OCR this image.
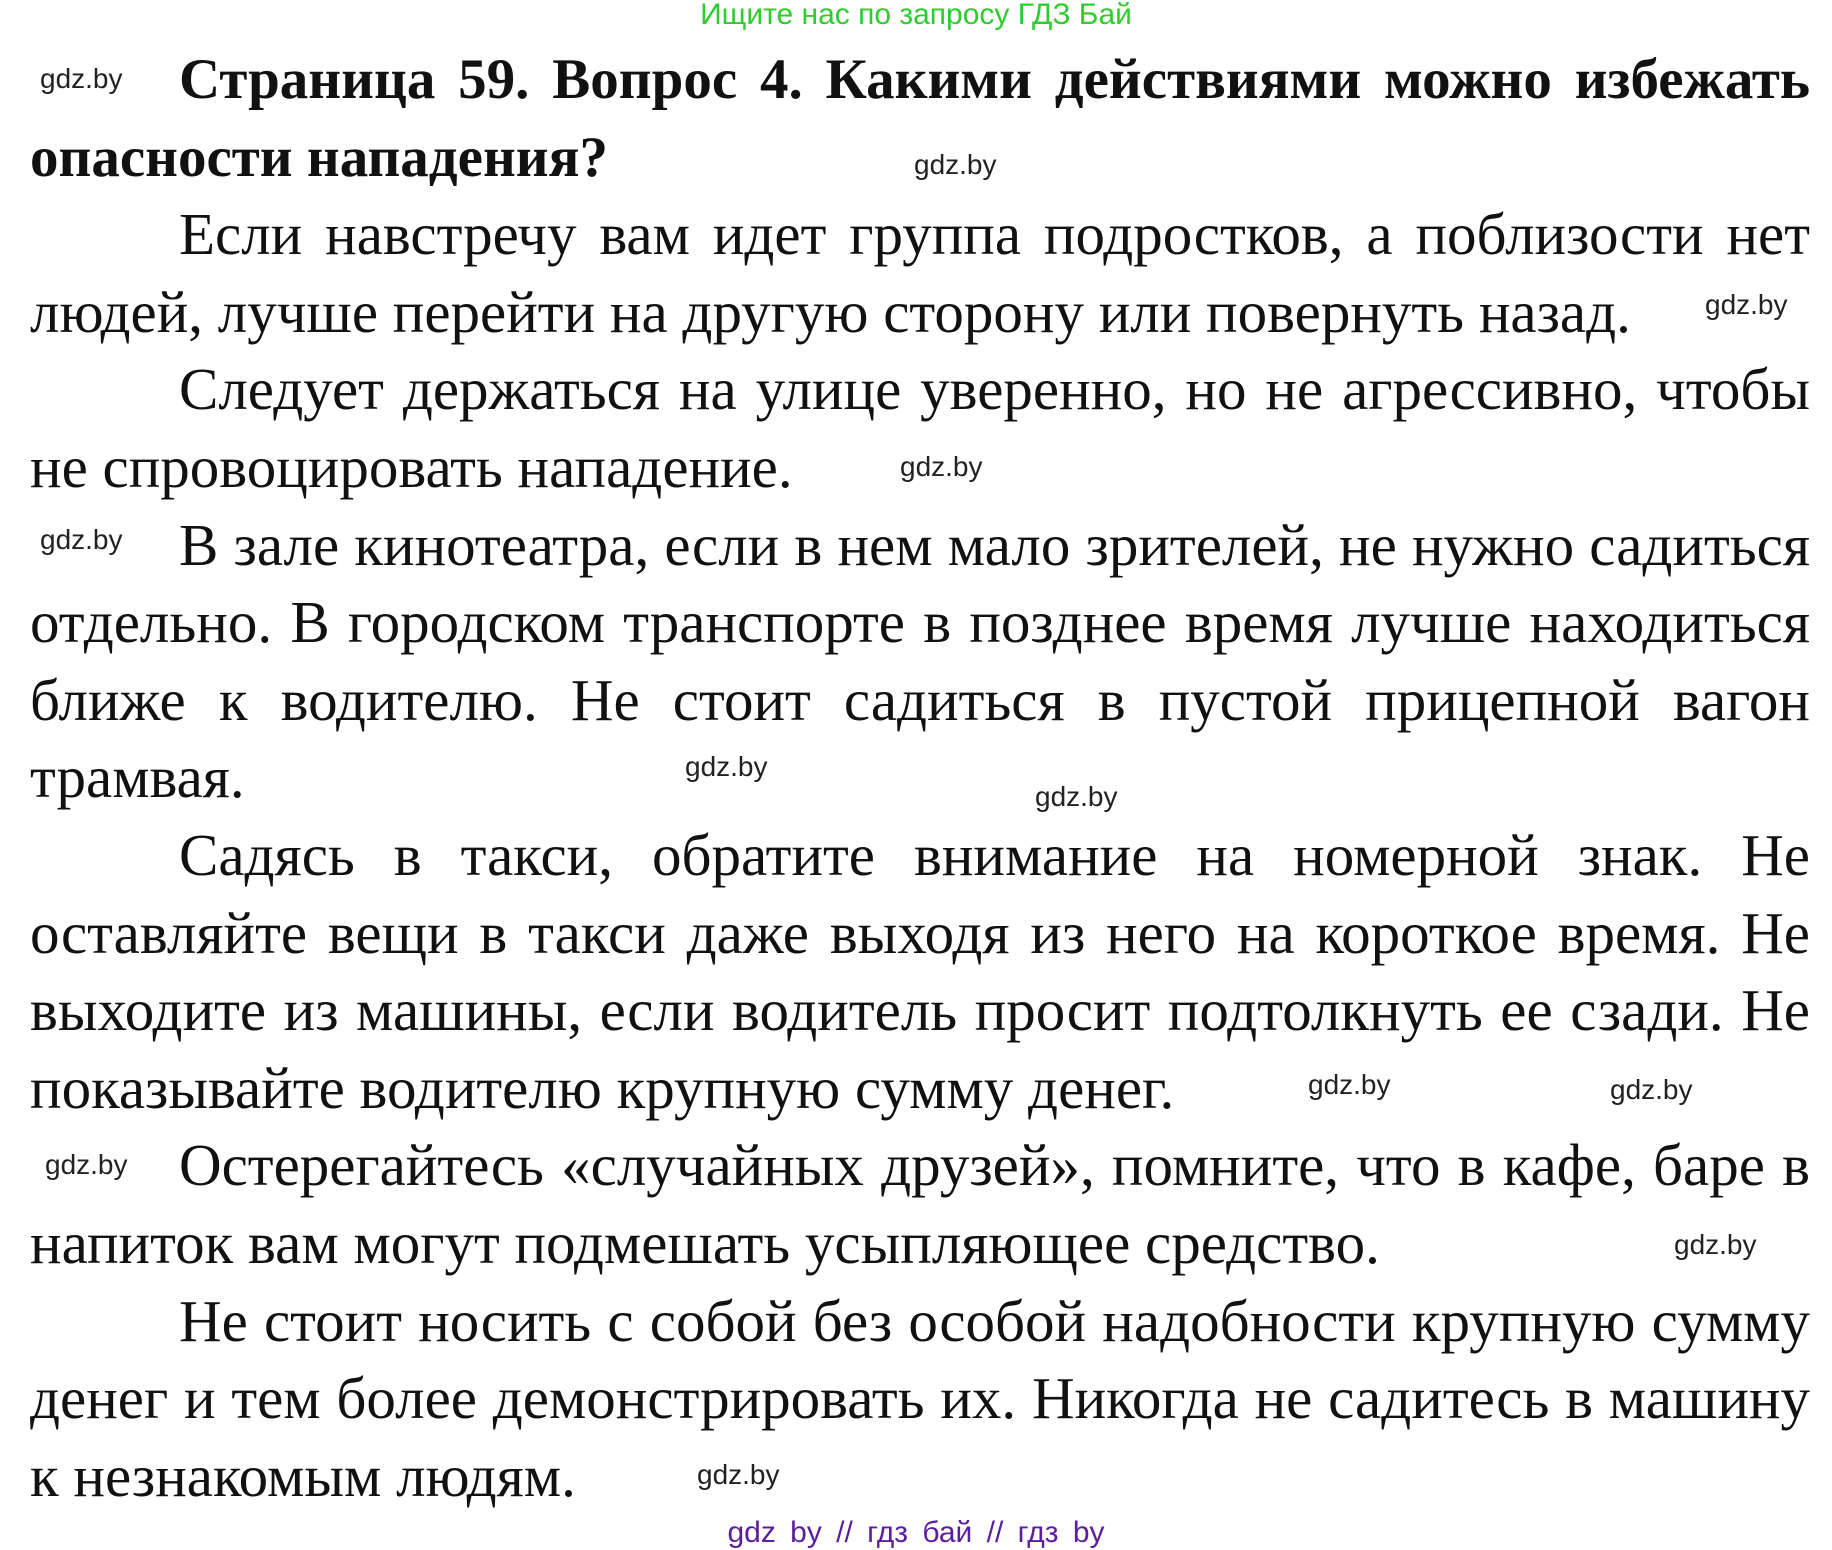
Ищите нас по запросу ГДЗ Бай
Страница 59. Вопрос 4. Какими действиями можно избежать опасности нападения?

Если навстречу вам идет группа подростков, а поблизости нет людей, лучше перейти на другую сторону или повернуть назад.

Следует держаться на улице уверенно, но не агрессивно, чтобы не спровоцировать нападение.

В зале кинотеатра, если в нем мало зрителей, не нужно садиться отдельно. В городском транспорте в позднее время лучше находиться ближе к водителю. Не стоит садиться в пустой прицепной вагон трамвая.

Садясь в такси, обратите внимание на номерной знак. Не оставляйте вещи в такси даже выходя из него на короткое время. Не выходите из машины, если водитель просит подтолкнуть ее сзади. Не показывайте водителю крупную сумму денег.

Остерегайтесь «случайных друзей», помните, что в кафе, баре в напиток вам могут подмешать усыпляющее средство.

Не стоит носить с собой без особой надобности крупную сумму денег и тем более демонстрировать их. Никогда не садитесь в машину к незнакомым людям.

gdz.by
gdz.by
gdz.by
gdz.by
gdz.by
gdz.by
gdz.by
gdz.by
gdz.by
gdz.by
gdz.by
gdz.by
gdz by // гдз бай // гдз by
